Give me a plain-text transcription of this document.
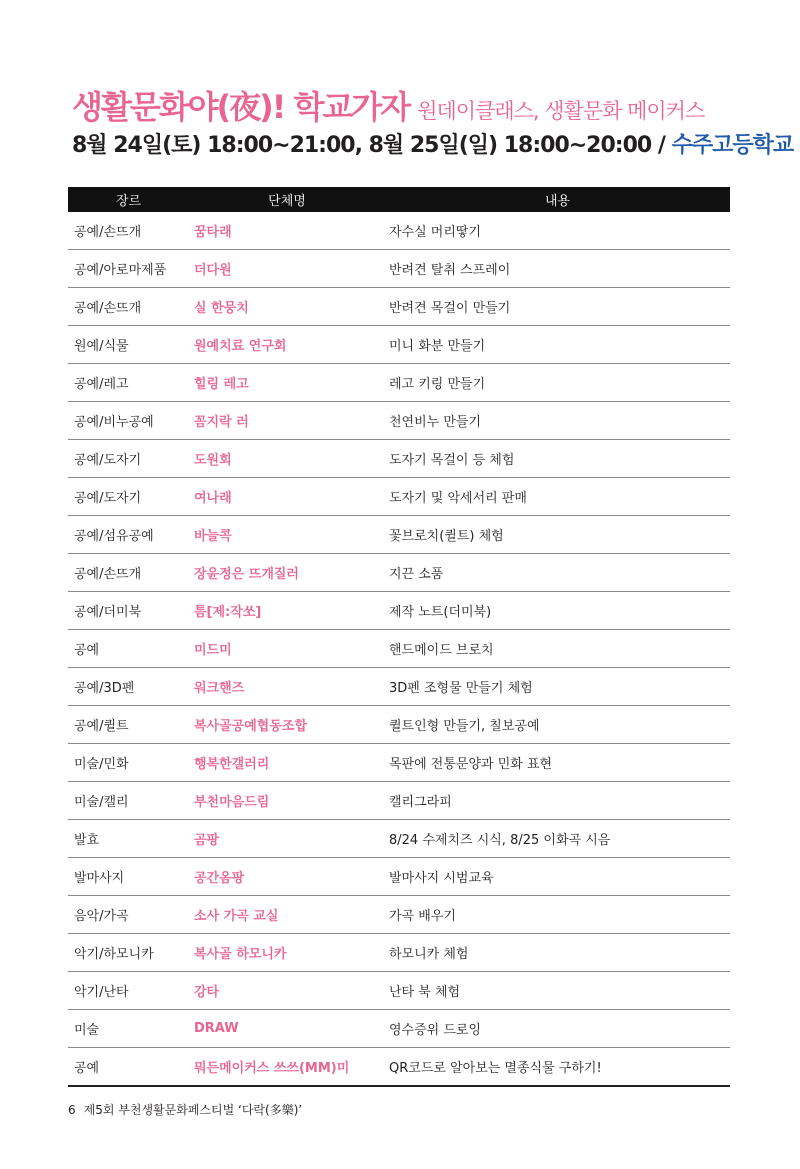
생활문화야(夜)! 학교가자 원데이클래스, 생활문화 메이커스
8월 24일(토) 18:00~21:00, 8월 25일(일) 18:00~20:00 / 수주고등학교
장르	단체명	내용
공예/손뜨개	꿈타래	자수실 머리땋기
공예/아로마제품	더다원	반려견 탈취 스프레이
공예/손뜨개	실 한뭉치	반려견 목걸이 만들기
원예/식물	원예치료 연구회	미니 화분 만들기
공예/레고	힐링 레고	레고 키링 만들기
공예/비누공예	꼼지락 러	천연비누 만들기
공예/도자기	도원회	도자기 목걸이 등 체험
공예/도자기	여나래	도자기 및 악세서리 판매
공예/섬유공예	바늘콕	꽃브로치(퀼트) 체험
공예/손뜨개	장윤정은 뜨개질러	지끈 소품
공예/더미북	틈[제:작쏘]	제작 노트(더미북)
공예	미드미	핸드메이드 브로치
공예/3D펜	워크핸즈	3D펜 조형물 만들기 체험
공예/퀼트	복사골공예협동조합	퀼트인형 만들기, 칠보공예
미술/민화	행복한갤러리	목판에 전통문양과 민화 표현
미술/캘리	부천마음드림	캘리그라피
발효	곰팡	8/24 수제치즈 시식, 8/25 이화곡 시음
발마사지	공간옴팡	발마사지 시범교육
음악/가곡	소사 가곡 교실	가곡 배우기
악기/하모니카	복사골 하모니카	하모니카 체험
악기/난타	강타	난타 북 체험
미술	DRAW	영수증위 드로잉
공예	뭐든메이커스 쓰쓰(MM)미	QR코드로 알아보는 멸종식물 구하기!
6 제5회 부천생활문화페스티벌 ‘다락(多樂)’
